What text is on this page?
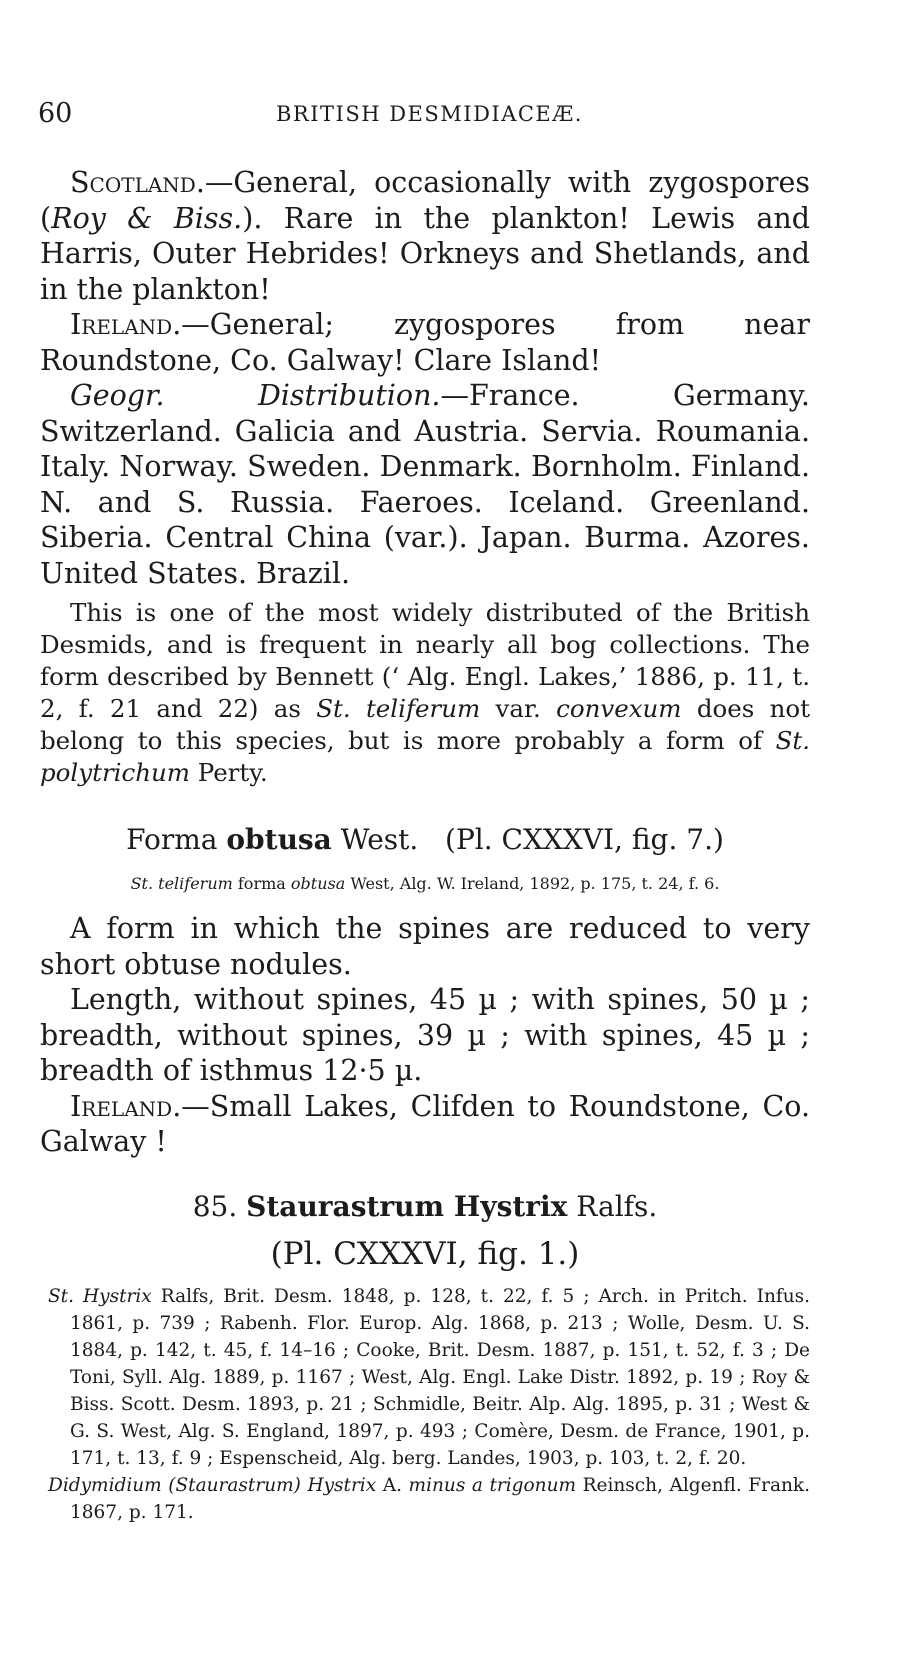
60	BRITISH DESMIDIACEÆ.

Scotland.—General, occasionally with zygospores (Roy & Biss.). Rare in the plankton! Lewis and Harris, Outer Hebrides! Orkneys and Shetlands, and in the plankton!

Ireland.—General; zygospores from near Roundstone, Co. Galway! Clare Island!

Geogr. Distribution.—France. Germany. Switzerland. Galicia and Austria. Servia. Roumania. Italy. Norway. Sweden. Denmark. Bornholm. Finland. N. and S. Russia. Faeroes. Iceland. Greenland. Siberia. Central China (var.). Japan. Burma. Azores. United States. Brazil.

This is one of the most widely distributed of the British Desmids, and is frequent in nearly all bog collections. The form described by Bennett (‘ Alg. Engl. Lakes,’ 1886, p. 11, t. 2, f. 21 and 22) as St. teliferum var. convexum does not belong to this species, but is more probably a form of St. polytrichum Perty.

Forma obtusa West. (Pl. CXXXVI, fig. 7.)
St. teliferum forma obtusa West, Alg. W. Ireland, 1892, p. 175, t. 24, f. 6.

A form in which the spines are reduced to very short obtuse nodules.

Length, without spines, 45 µ ; with spines, 50 µ ; breadth, without spines, 39 µ ; with spines, 45 µ ; breadth of isthmus 12·5 µ.

Ireland.—Small Lakes, Clifden to Roundstone, Co. Galway !

85. Staurastrum Hystrix Ralfs.
(Pl. CXXXVI, fig. 1.)

St. Hystrix Ralfs, Brit. Desm. 1848, p. 128, t. 22, f. 5 ; Arch. in Pritch. Infus. 1861, p. 739 ; Rabenh. Flor. Europ. Alg. 1868, p. 213 ; Wolle, Desm. U. S. 1884, p. 142, t. 45, f. 14–16 ; Cooke, Brit. Desm. 1887, p. 151, t. 52, f. 3 ; De Toni, Syll. Alg. 1889, p. 1167 ; West, Alg. Engl. Lake Distr. 1892, p. 19 ; Roy & Biss. Scott. Desm. 1893, p. 21 ; Schmidle, Beitr. Alp. Alg. 1895, p. 31 ; West & G. S. West, Alg. S. England, 1897, p. 493 ; Comère, Desm. de France, 1901, p. 171, t. 13, f. 9 ; Espenscheid, Alg. berg. Landes, 1903, p. 103, t. 2, f. 20.

Didymidium (Staurastrum) Hystrix A. minus a trigonum Reinsch, Algenfl. Frank. 1867, p. 171.
